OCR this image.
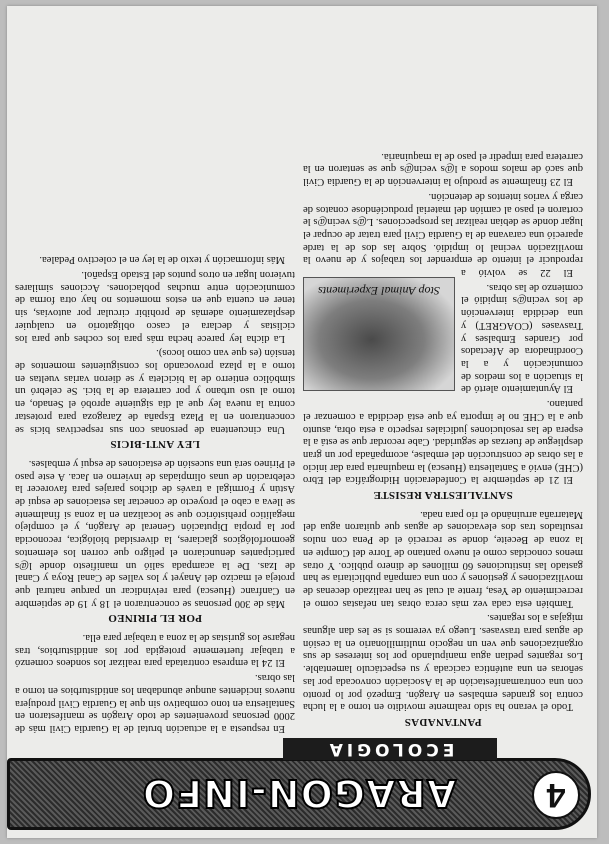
4
ARAGON-INFO
ECOLOGIA
PANTANADAS

Todo el verano ha sido realmente movidito en torno a la lucha contra los grandes embalses en Aragón. Empezó por lo pronto con una contramanifestación de la Asociación convocada por las señoras en una auténtica cacicada y su espectáculo lamentable. Los regantes pedían agua manipulando por los intereses de sus organizaciones que ven un negocio multimillonario en la cesión de aguas para trasvases. Luego ya veremos si se les dan algunas migajas a los regantes.

También esta cada vez más cerca obras tan nefastas como el recrecimiento de Yesa, frente al cual se han realizado decenas de movilizaciones y gestiones y con una campaña publicitaria se han gastado las instituciones 60 millones de dinero público. Y otras menos conocidas como el nuevo pantano de Torre del Compte en la zona de Beceite, donde se recreció el de Pena con nulos resultados tras dos elevaciones de aguas que quitaron agua del Matarraña arruinándo el río para nada.

SANTALIESTRA RESISTE

El 21 de septiembre la Confederación Hidrográfica del Ebro (CHE) envió a Santaliestra (Huesca) la maquinaria para dar inicio a las obras de construcción del embalse, acompañada por un gran despliegue de fuerzas de seguridad. Cabe recordar que se está a la espera de las resoluciones judiciales respecto a esta obra, asunto que a la CHE no le importa ya que está decidida a comenzar el pantano.

Stop Animal Experiments

El Ayuntamiento alertó de la situación a los medios de comunicación y a la Coordinadora de Afectados por Grandes Embalses y Trasvases (COAGRET) y una decidida intervención de los vecin@s impidió el comienzo de las obras.

El 22 se volvió a reproducir el intento de emprender los trabajos y de nuevo la movilización vecinal lo impidió. Sobre las dos de la tarde apareció una caravana de la Guardia Civil para tratar de ocupar el lugar donde se debían realizar las prospecciones. L@s vecin@s le cortaron el paso al camión del material produciéndose conatos de carga y varios intentos de detención.

El 23 finalmente se produjo la intervención de la Guardia Civil que sacó de malos modos a l@s vecin@s que se sentaron en la carretera para impedir el paso de la maquinaria.

En respuesta a la actuación brutal de la Guardia Civil más de 2000 personas provenientes de todo Aragón se manifestaron en Santaliestra en tono combativo sin que la Guardia Civil produjera nuevos incidentes aunque abundaban los antidisturbios en torno a las obras.

El 24 la empresa contratada para realizar los sondeos comenzó a trabajar fuertemente protegida por los antidisturbios, tras negarse los guristas de la zona a trabajar para ella.

POR EL PIRINEO

Más de 300 personas se concentraron el 18 y 19 de septiembre en Canfranc (Huesca) para reivindicar un parque natural que proteja el macizo del Anayet y los valles de Canal Roya y Canal de Izas. De la acampada salió un manifiesto donde l@s participantes denunciaron el peligro que corren los elementos geomorfológicos glaciares, la diversidad biológica, reconocida por la propia Diputación General de Aragón, y el complejo megalítico prehistórico que se localizan en la zona si finalmente se lleva a cabo el proyecto de conectar las estaciones de esquí de Astún y Formigal a través de dichos parajes para favorecer la celebración de unas olimpiadas de invierno en Jaca. A este paso el Pirineo será una sucesión de estaciones de esquí y embalses.

LEY ANTI-BICIS

Una cincuentena de personas con sus respectivas bicis se concentraron en la Plaza España de Zaragoza para protestar contra la nueva ley que al día siguiente aprobó el Senado, en torno al uso urbano y por carretera de la bici. Se celebró un simbólico entierro de la bicicleta y se dieron varias vueltas en torno a la plaza provocando los consiguientes momentos de tensión (es que van como locos).

La dicha ley parece hecha más para los coches que para los ciclistas y declara el casco obligatorio en cualquier desplazamiento además de prohibir circular por autovías, sin tener en cuenta que en estos momentos no hay otra forma de comunicación entre muchas poblaciones. Acciones similares tuvieron lugar en otros puntos del Estado Español.

Más información y texto de la ley en el colectivo Pedalea.
